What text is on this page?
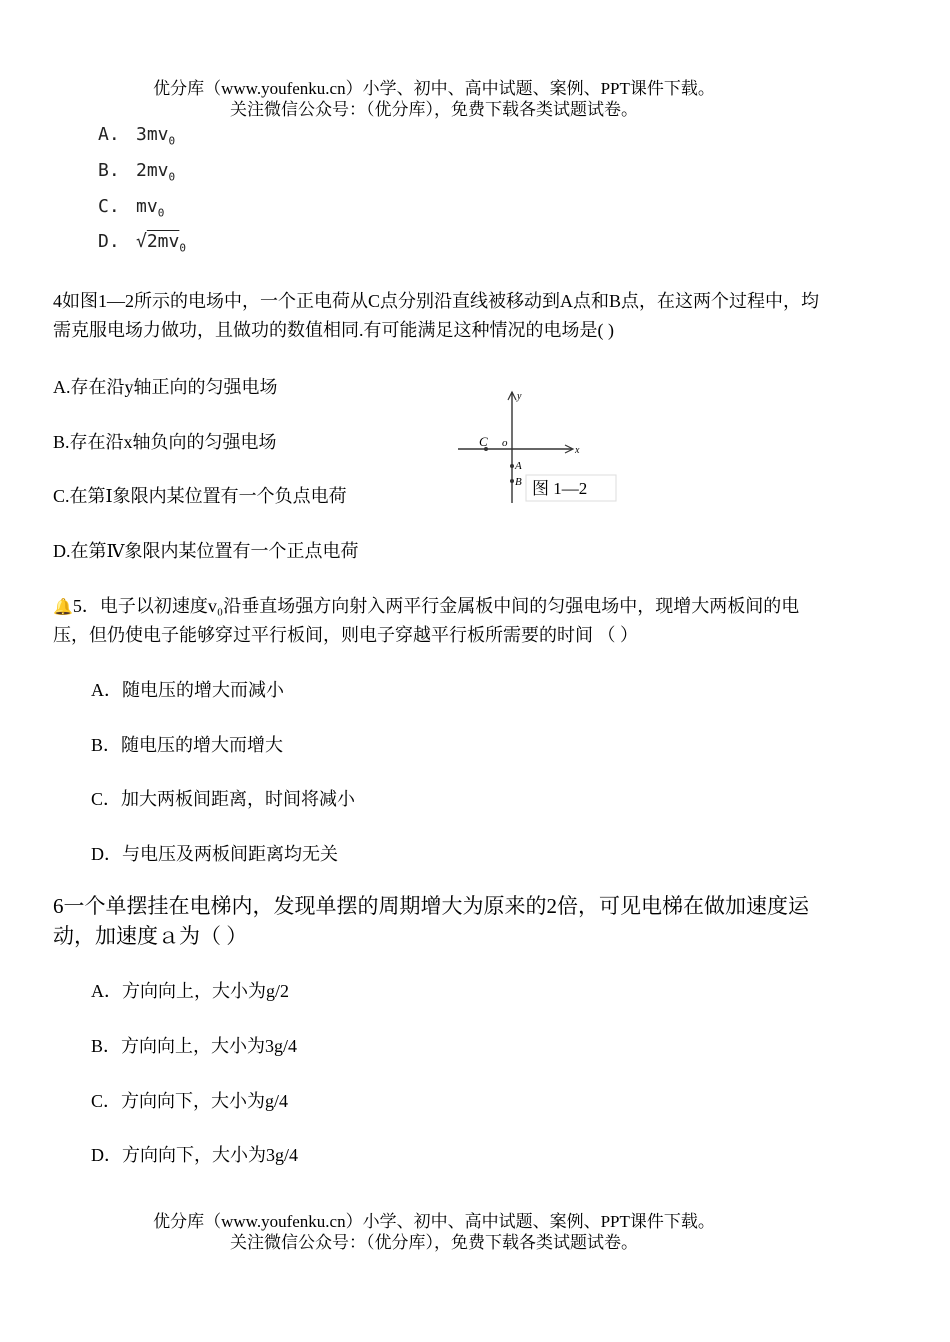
优分库（www.youfenku.cn）小学、初中、高中试题、案例、PPT课件下载。
关注微信公众号：（优分库），免费下载各类试题试卷。
A. $3mv_0$
B. $2mv_0$
C. $mv_0$
D. $√2mv_0$
4如图1—2所示的电场中，一个正电荷从C点分别沿直线被移动到A点和B点，在这两个过程中，均需克服电场力做功，且做功的数值相同.有可能满足这种情况的电场是( )
A.存在沿y轴正向的匀强电场
B.存在沿x轴负向的匀强电场
C.在第Ⅰ象限内某位置有一个负点电荷
D.在第Ⅳ象限内某位置有一个正点电荷
x
y
o
C
A
B 图 1—2
🔔5．电子以初速度v₀沿垂直场强方向射入两平行金属板中间的匀强电场中，现增大两板间的电压，但仍使电子能够穿过平行板间，则电子穿越平行板所需要的时间 （ ）
A．随电压的增大而减小
B．随电压的增大而增大
C．加大两板间距离，时间将减小
D．与电压及两板间距离均无关
6一个单摆挂在电梯内，发现单摆的周期增大为原来的2倍，可见电梯在做加速度运动，加速度ａ为（ ）
A．方向向上，大小为g/2
B．方向向上，大小为3g/4
C．方向向下，大小为g/4
D．方向向下，大小为3g/4
优分库（www.youfenku.cn）小学、初中、高中试题、案例、PPT课件下载。
关注微信公众号：（优分库），免费下载各类试题试卷。
